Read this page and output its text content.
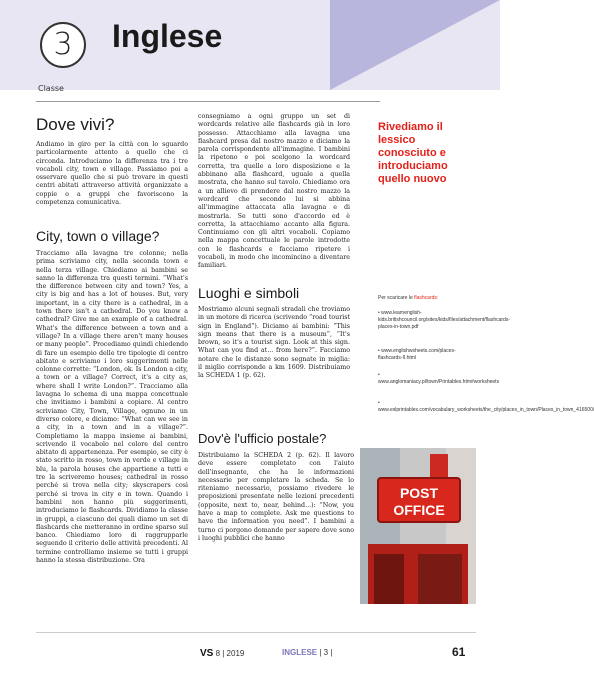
3
Classe
Inglese
Dove vivi?

Andiamo in giro per la città con lo sguardo particolarmente attento a quello che ci circonda. Introduciamo la differenza tra i tre vocaboli city, town e village. Passiamo poi a osservare quello che si può trovare in questi centri abitati attraverso attività organizzate a coppie o a gruppi che favoriscono la competenza comunicativa.

City, town o village?

Tracciamo alla lavagna tre colonne; nella prima scriviamo city, nella seconda town e nella terza village. Chiediamo ai bambini se sanno la differenza tra questi termini. “What's the difference between city and town? Yes, a city is big and has a lot of houses. But, very important, in a city there is a cathedral, in a town there isn't a cathedral. Do you know a cathedral? Give me an example of a cathedral. What's the difference between a town and a village? In a village there aren't many houses or many people”. Procediamo quindi chiedendo di fare un esempio delle tre tipologie di centro abitato e scriviamo i loro suggerimenti nelle colonne corrette: “London, ok. Is London a city, a town or a village? Correct, it's a city as, where shall I write London?”. Tracciamo alla lavagna lo schema di una mappa concettuale che invitiamo i bambini a copiare. Al centro scriviamo City, Town, Village, ognuno in un diverso colore, e diciamo: “What can we see in a city, in a town and in a village?”. Completiamo la mappa insieme ai bambini, scrivendo il vocabolo nel colore del centro abitato di appartenenza. Per esempio, se city è stato scritto in rosso, town in verde e village in blu, la parola houses che appartiene a tutti e tre la scriveremo houses; cathedral in rosso perché si trova nella city; skyscrapers così perché si trova in city e in town. Quando i bambini non hanno più suggerimenti, introduciamo le flashcards. Dividiamo la classe in gruppi, a ciascuno dei quali diamo un set di flashcards che metteranno in ordine sparso sul banco. Chiediamo loro di raggrupparle seguendo il criterio delle attività precedenti. Al termine controlliamo insieme se tutti i gruppi hanno la stessa distribuzione. Ora

consegniamo a ogni gruppo un set di wordcards relative alle flashcards già in loro possesso. Attacchiamo alla lavagna una flashcard presa dal nostro mazzo e diciamo la parola corrispondente all'immagine. I bambini la ripetono e poi scelgono la wordcard corretta, tra quelle a loro disposizione e la abbinano alla flashcard, uguale a quella mostrata, che hanno sul tavolo. Chiediamo ora a un allievo di prendere dal nostro mazzo la wordcard che secondo lui si abbina all'immagine attaccata alla lavagna e di mostrarla. Se tutti sono d'accordo ed è corretta, la attacchiamo accanto alla figura. Continuiamo con gli altri vocaboli. Copiamo nella mappa concettuale le parole introdotte con le flashcards e facciamo ripetere i vocaboli, in modo che incomincino a diventare familiari.

Luoghi e simboli

Mostriamo alcuni segnali stradali che troviamo in un motore di ricerca (scrivendo “road tourist sign in England”). Diciamo ai bambini: “This sign means that there is a museum”, “It's brown, so it's a tourist sign. Look at this sign. What can you find at... from here?”. Facciamo notare che le distanze sono segnate in miglia: il miglio corrisponde a km 1609. Distribuiamo la SCHEDA 1 (p. 62).

Dov'è l'ufficio postale?

Distribuiamo la SCHEDA 2 (p. 62). Il lavoro deve essere completato con l'aiuto dell'insegnante, che ha le informazioni necessarie per completare la scheda. Se lo riteniamo necessario, possiamo rivedere le preposizioni presentate nelle lezioni precedenti (opposite, next to, near, behind...): “Now, you have a map to complete. Ask me questions to have the information you need”. I bambini a turno ci porgono domande per sapere dove sono i luoghi pubblici che hanno

Rivediamo il lessico conosciuto e introduciamo quello nuovo
Per scaricare le flashcards:
• www.learnenglish-kids.britishcouncil.org/sites/kids/files/attachment/flashcards-places-in-town.pdf
• www.englishwsheets.com/places-flashcards-II.html
• www.anglomaniacy.pl/town/Printables.htm#worksheets
• www.eslprintables.com/vocabulary_worksheets/the_city/places_in_town/Places_in_town_416500/
POST
OFFICE
VS 8 | 2019	INGLESE | 3 |	61
